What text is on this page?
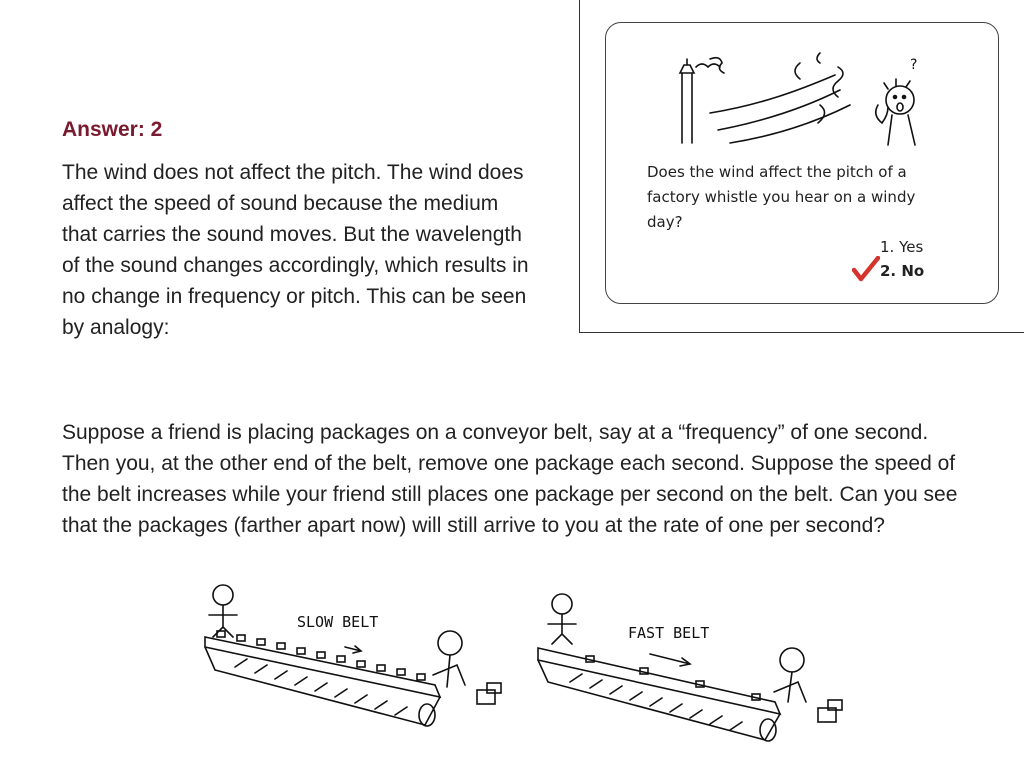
Answer: 2

The wind does not affect the pitch. The wind does affect the speed of sound because the medium that carries the sound moves. But the wavelength of the sound changes accordingly, which results in no change in frequency or pitch. This can be seen by analogy:

?

Does the wind affect the pitch of a factory whistle you hear on a windy day?

1. Yes
2. No

Suppose a friend is placing packages on a conveyor belt, say at a “frequency” of one second. Then you, at the other end of the belt, remove one package each second. Suppose the speed of the belt increases while your friend still places one package per second on the belt. Can you see that the packages (farther apart now) will still arrive to you at the rate of one per second?

SLOW BELT
FAST BELT
